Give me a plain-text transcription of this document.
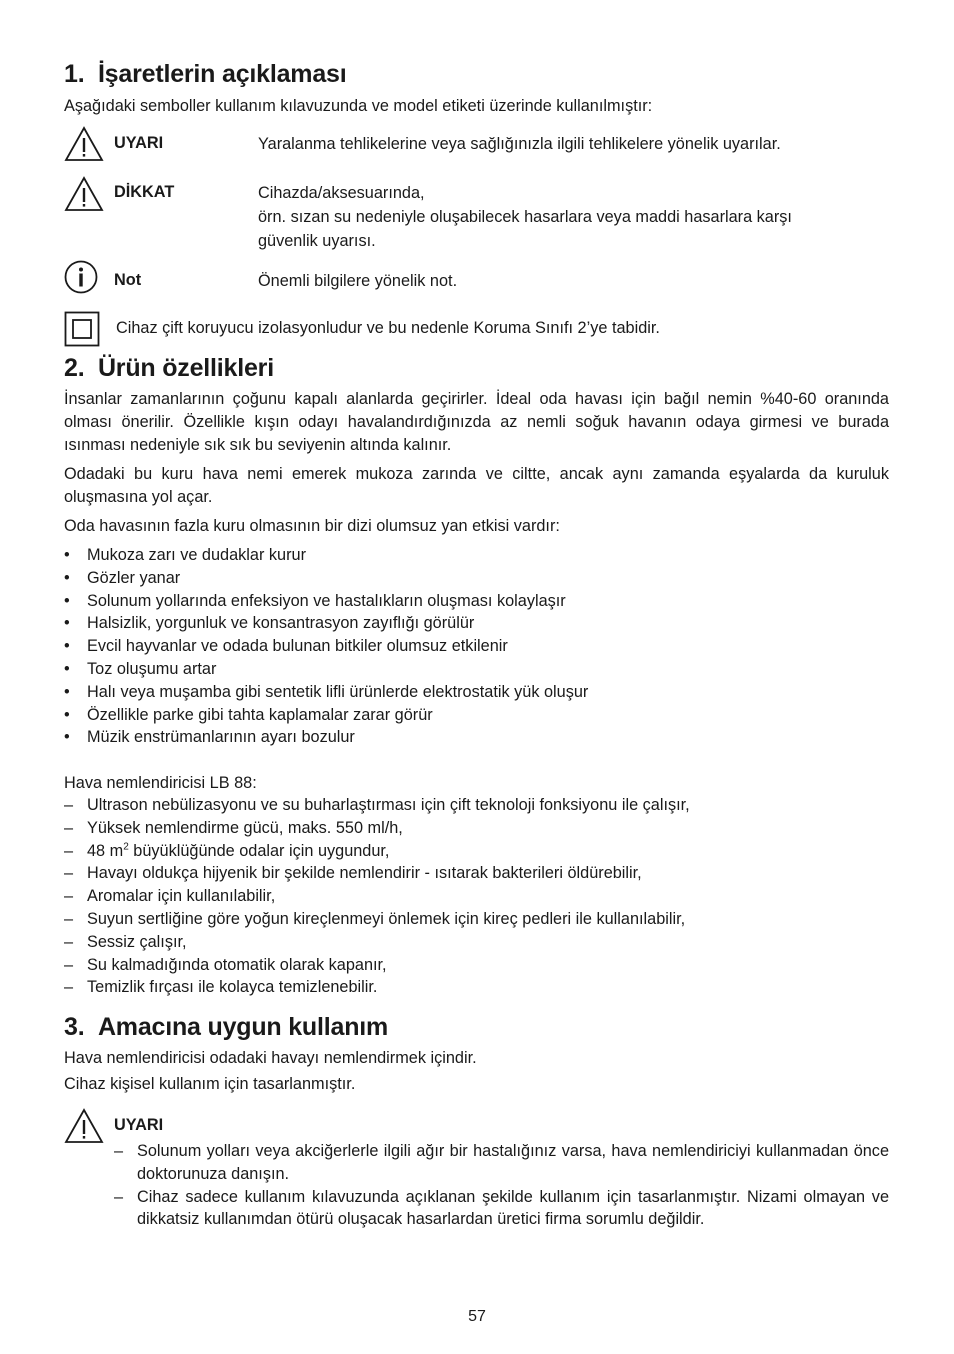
1.  İşaretlerin açıklaması
Aşağıdaki semboller kullanım kılavuzunda ve model etiketi üzerinde kullanılmıştır:
UYARI	Yaralanma tehlikelerine veya sağlığınızla ilgili tehlikelere yönelik uyarılar.
DİKKAT	Cihazda/aksesuarında,
örn. sızan su nedeniyle oluşabilecek hasarlara veya maddi hasarlara karşı
güvenlik uyarısı.
Not	Önemli bilgilere yönelik not.
Cihaz çift koruyucu izolasyonludur ve bu nedenle Koruma Sınıfı 2’ye tabidir.
2.  Ürün özellikleri
İnsanlar zamanlarının çoğunu kapalı alanlarda geçirirler. İdeal oda havası için bağıl nemin %40-60 oranında olması önerilir. Özellikle kışın odayı havalandırdığınızda az nemli soğuk havanın odaya girmesi ve burada ısınması nedeniyle sık sık bu seviyenin altında kalınır.
Odadaki bu kuru hava nemi emerek mukoza zarında ve ciltte, ancak aynı zamanda eşyalarda da kuruluk oluşmasına yol açar.
Oda havasının fazla kuru olmasının bir dizi olumsuz yan etkisi vardır:
• Mukoza zarı ve dudaklar kurur
• Gözler yanar
• Solunum yollarında enfeksiyon ve hastalıkların oluşması kolaylaşır
• Halsizlik, yorgunluk ve konsantrasyon zayıflığı görülür
• Evcil hayvanlar ve odada bulunan bitkiler olumsuz etkilenir
• Toz oluşumu artar
• Halı veya muşamba gibi sentetik lifli ürünlerde elektrostatik yük oluşur
• Özellikle parke gibi tahta kaplamalar zarar görür
• Müzik enstrümanlarının ayarı bozulur
Hava nemlendiricisi LB 88:
– Ultrason nebülizasyonu ve su buharlaştırması için çift teknoloji fonksiyonu ile çalışır,
– Yüksek nemlendirme gücü, maks. 550 ml/h,
– 48 $m^2$ büyüklüğünde odalar için uygundur,
– Havayı oldukça hijyenik bir şekilde nemlendirir - ısıtarak bakterileri öldürebilir,
– Aromalar için kullanılabilir,
– Suyun sertliğine göre yoğun kireçlenmeyi önlemek için kireç pedleri ile kullanılabilir,
– Sessiz çalışır,
– Su kalmadığında otomatik olarak kapanır,
– Temizlik fırçası ile kolayca temizlenebilir.
3.  Amacına uygun kullanım
Hava nemlendiricisi odadaki havayı nemlendirmek içindir.
Cihaz kişisel kullanım için tasarlanmıştır.
UYARI
– Solunum yolları veya akciğerlerle ilgili ağır bir hastalığınız varsa, hava nemlendiriciyi kullanmadan önce doktorunuza danışın.
– Cihaz sadece kullanım kılavuzunda açıklanan şekilde kullanım için tasarlanmıştır. Nizami olmayan ve dikkatsiz kullanımdan ötürü oluşacak hasarlardan üretici firma sorumlu değildir.
57
